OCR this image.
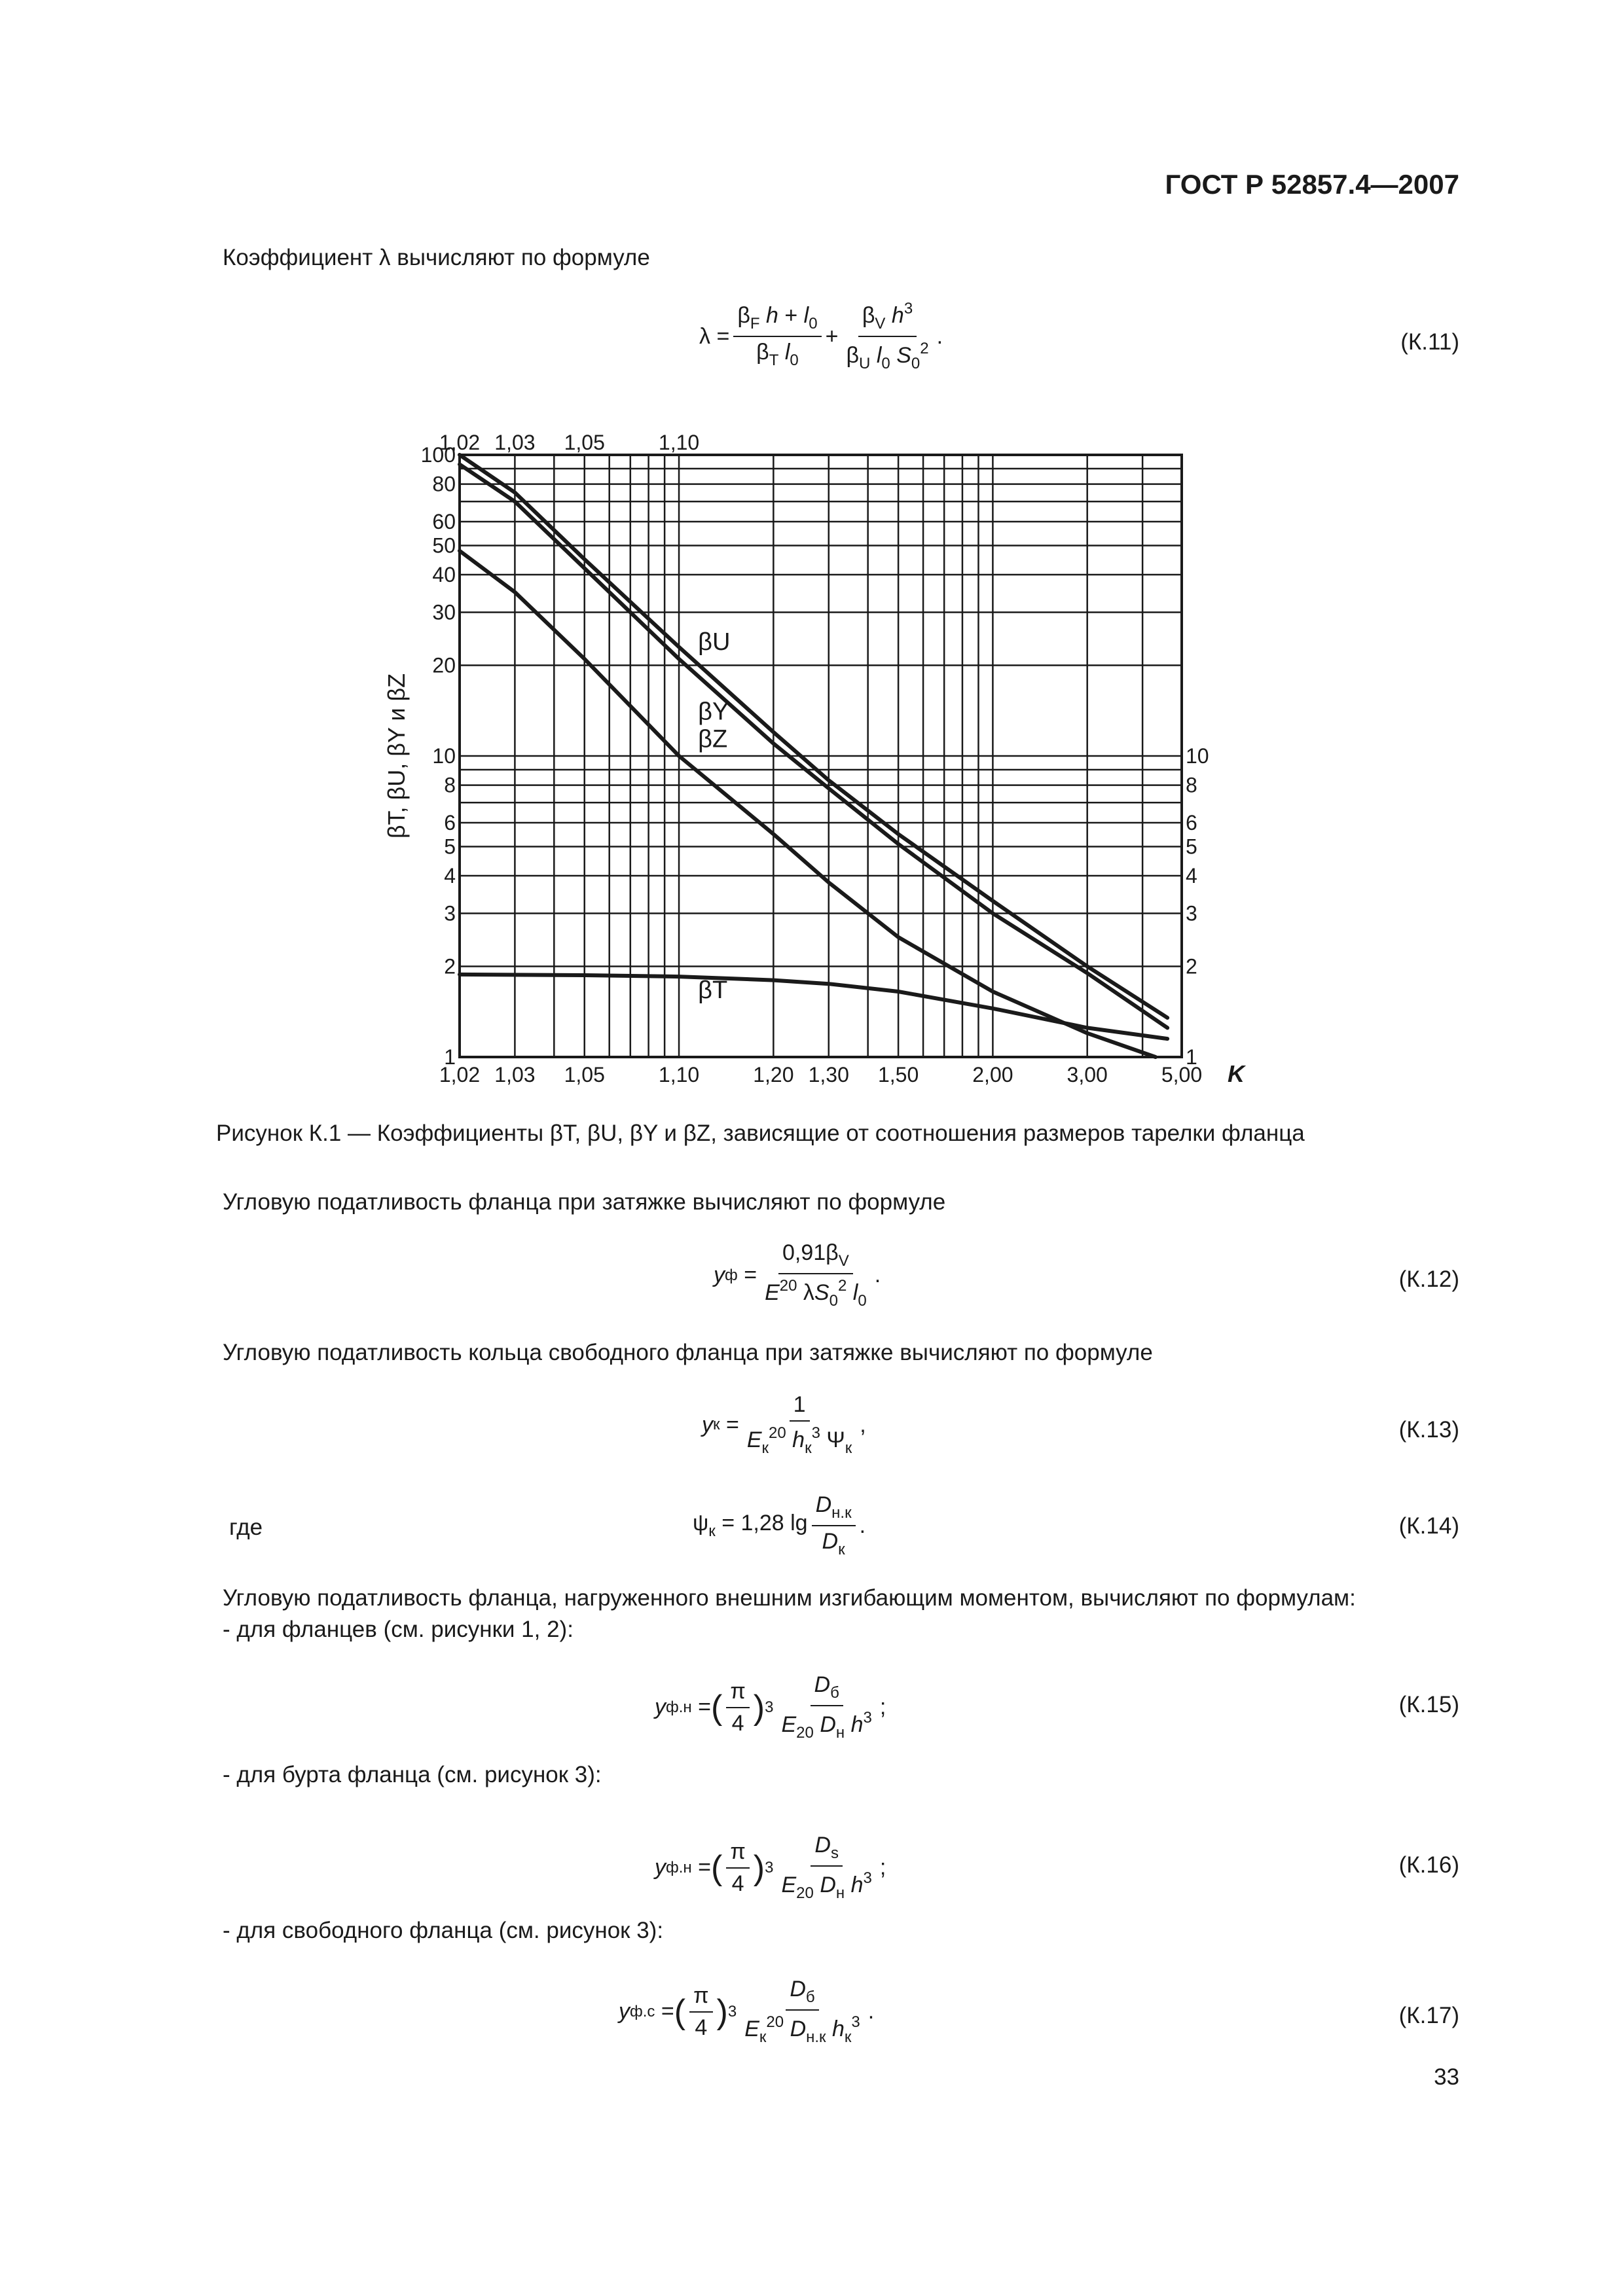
ГОСТ Р 52857.4—2007
Коэффициент λ вычисляют по формуле
$\lambda = \frac{\beta_F h + l_0}{\beta_T l_0} + \frac{\beta_V h^3}{\beta_U l_0 S_0^2}$ .	(К.11)
1
2
3
4
5
6
8
10
20
30
40
50
60
80
100
1
2
3
4
5
6
8
10
1,02 1,03 1,05	1,10	1,20 1,30 1,50	2,00	3,00	5,00
1,02 1,03 1,05	1,10
K
βT, βU, βY и βZ
βU
βY
βZ
βT
Рисунок К.1 — Коэффициенты βT, βU, βY и βZ, зависящие от соотношения размеров тарелки фланца
Угловую податливость фланца при затяжке вычисляют по формуле
y $ф = \frac{0,91\beta_V}{E^{20} \lambda S_0^2 l_0}$ .	(К.12)
Угловую податливость кольца свободного фланца при затяжке вычисляют по формуле
y $к = \frac{1}{E_к^{20} h_к^3 \Psi_к}$ ,	(К.13)
где	$\psi_к = 1,28$ $\lg \frac{D_{н.к}}{D_к}$ .	(К.14)
Угловую податливость фланца, нагруженного внешним изгибающим моментом, вычисляют по формулам:
- для фланцев (см. рисунки 1, 2):
y ф.н = ( $\frac{\pi}{4}$ ) $3 \frac{D_б}{E_{20} D_н h^3}$ ;	(К.15)
- для бурта фланца (см. рисунок 3):
y ф.н = ( $\frac{\pi}{4}$ ) $3 \frac{D_s}{E_{20} D_н h^3}$ ;	(К.16)
- для свободного фланца (см. рисунок 3):
y ф.с = ( $\frac{\pi}{4}$ ) $3 \frac{D_б}{E_к^{20} D_{н.к} h_к^3}$ .	(К.17)
33
